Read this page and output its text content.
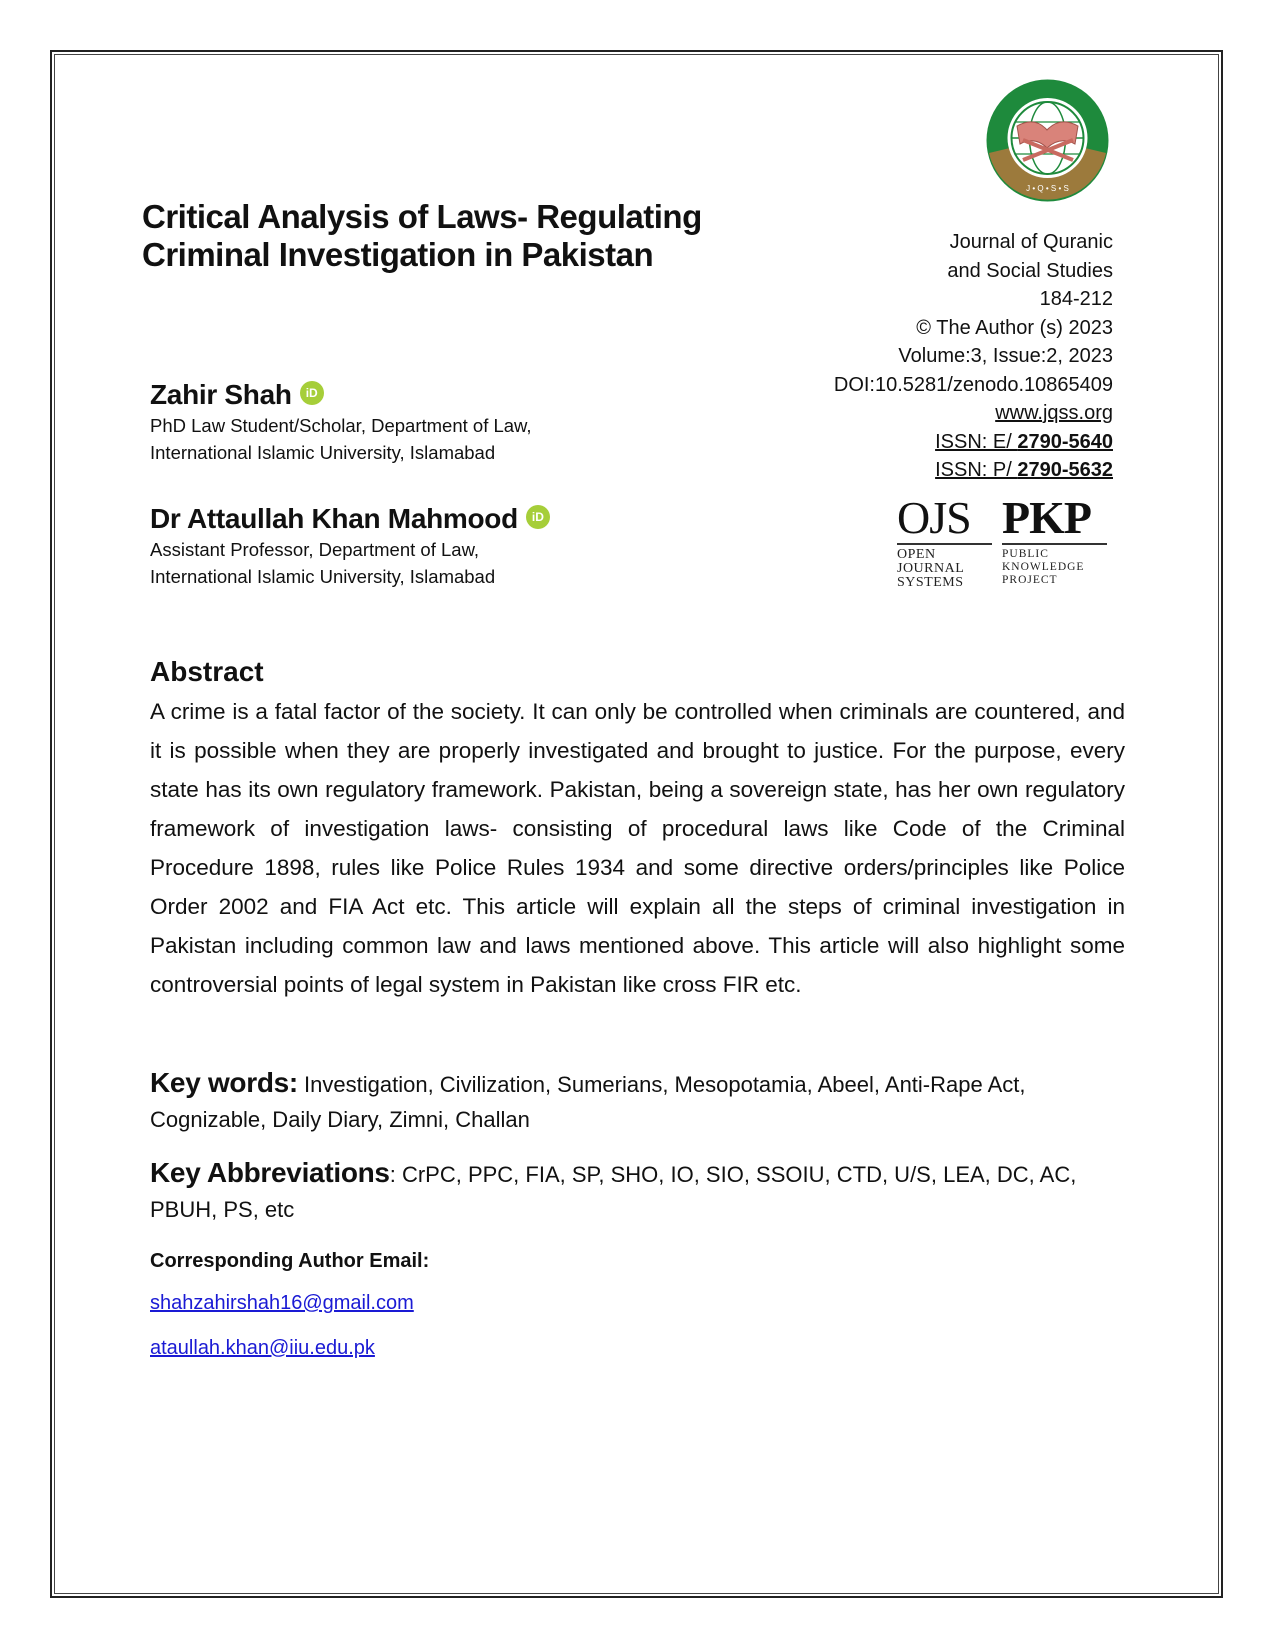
Critical Analysis of Laws- Regulating
Criminal Investigation in Pakistan
J • Q • S • S
Journal of Quranic
and Social Studies
184-212
© The Author (s) 2023
Volume:3, Issue:2, 2023
DOI:10.5281/zenodo.10865409
www.jqss.org
ISSN: E/ 2790-5640
ISSN: P/ 2790-5632
OJS
OPEN
JOURNAL
SYSTEMS
PKP
PUBLIC
KNOWLEDGE
PROJECT
Zahir Shah iD
PhD Law Student/Scholar, Department of Law,
International Islamic University, Islamabad
Dr Attaullah Khan Mahmood iD
Assistant Professor, Department of Law,
International Islamic University, Islamabad
Abstract

A crime is a fatal factor of the society. It can only be controlled when criminals are countered, and it is possible when they are properly investigated and brought to justice. For the purpose, every state has its own regulatory framework. Pakistan, being a sovereign state, has her own regulatory framework of investigation laws- consisting of procedural laws like Code of the Criminal Procedure 1898, rules like Police Rules 1934 and some directive orders/principles like Police Order 2002 and FIA Act etc. This article will explain all the steps of criminal investigation in Pakistan including common law and laws mentioned above. This article will also highlight some controversial points of legal system in Pakistan like cross FIR etc.

Key words: Investigation, Civilization, Sumerians, Mesopotamia, Abeel, Anti-Rape Act, Cognizable, Daily Diary, Zimni, Challan
Key Abbreviations: CrPC, PPC, FIA, SP, SHO, IO, SIO, SSOIU, CTD, U/S, LEA, DC, AC, PBUH, PS, etc
Corresponding Author Email:
shahzahirshah16@gmail.com
ataullah.khan@iiu.edu.pk
